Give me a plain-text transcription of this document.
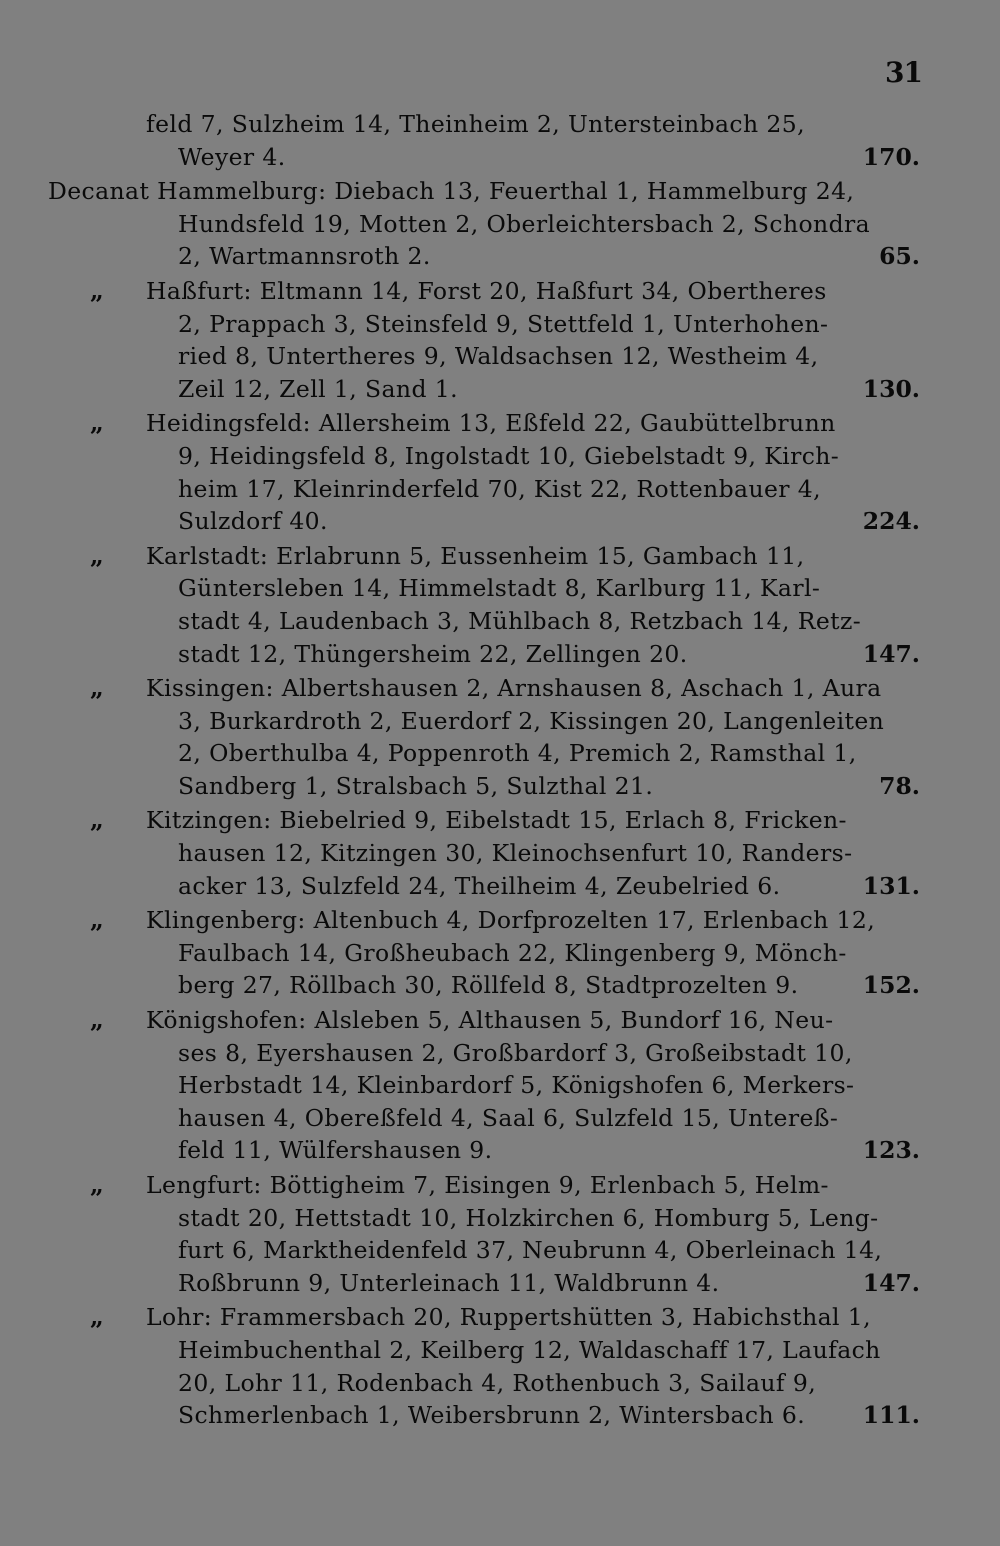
31
feld 7, Sulzheim 14, Theinheim 2, Untersteinbach 25,
Weyer 4.	170.
Decanat Hammelburg: Diebach 13, Feuerthal 1, Hammelburg 24,
Hundsfeld 19, Motten 2, Oberleichtersbach 2, Schondra
2, Wartmannsroth 2.	65.
„ Haßfurt: Eltmann 14, Forst 20, Haßfurt 34, Obertheres
2, Prappach 3, Steinsfeld 9, Stettfeld 1, Unterhohen-
ried 8, Untertheres 9, Waldsachsen 12, Westheim 4,
Zeil 12, Zell 1, Sand 1.	130.
„ Heidingsfeld: Allersheim 13, Eßfeld 22, Gaubüttelbrunn
9, Heidingsfeld 8, Ingolstadt 10, Giebelstadt 9, Kirch-
heim 17, Kleinrinderfeld 70, Kist 22, Rottenbauer 4,
Sulzdorf 40.	224.
„ Karlstadt: Erlabrunn 5, Eussenheim 15, Gambach 11,
Güntersleben 14, Himmelstadt 8, Karlburg 11, Karl-
stadt 4, Laudenbach 3, Mühlbach 8, Retzbach 14, Retz-
stadt 12, Thüngersheim 22, Zellingen 20.	147.
„ Kissingen: Albertshausen 2, Arnshausen 8, Aschach 1, Aura
3, Burkardroth 2, Euerdorf 2, Kissingen 20, Langenleiten
2, Oberthulba 4, Poppenroth 4, Premich 2, Ramsthal 1,
Sandberg 1, Stralsbach 5, Sulzthal 21.	78.
„ Kitzingen: Biebelried 9, Eibelstadt 15, Erlach 8, Fricken-
hausen 12, Kitzingen 30, Kleinochsenfurt 10, Randers-
acker 13, Sulzfeld 24, Theilheim 4, Zeubelried 6.	131.
„ Klingenberg: Altenbuch 4, Dorfprozelten 17, Erlenbach 12,
Faulbach 14, Großheubach 22, Klingenberg 9, Mönch-
berg 27, Röllbach 30, Röllfeld 8, Stadtprozelten 9.	152.
„ Königshofen: Alsleben 5, Althausen 5, Bundorf 16, Neu-
ses 8, Eyershausen 2, Großbardorf 3, Großeibstadt 10,
Herbstadt 14, Kleinbardorf 5, Königshofen 6, Merkers-
hausen 4, Obereßfeld 4, Saal 6, Sulzfeld 15, Untereß-
feld 11, Wülfershausen 9.	123.
„ Lengfurt: Böttigheim 7, Eisingen 9, Erlenbach 5, Helm-
stadt 20, Hettstadt 10, Holzkirchen 6, Homburg 5, Leng-
furt 6, Marktheidenfeld 37, Neubrunn 4, Oberleinach 14,
Roßbrunn 9, Unterleinach 11, Waldbrunn 4.	147.
„ Lohr: Frammersbach 20, Ruppertshütten 3, Habichsthal 1,
Heimbuchenthal 2, Keilberg 12, Waldaschaff 17, Laufach
20, Lohr 11, Rodenbach 4, Rothenbuch 3, Sailauf 9,
Schmerlenbach 1, Weibersbrunn 2, Wintersbach 6. 111.
